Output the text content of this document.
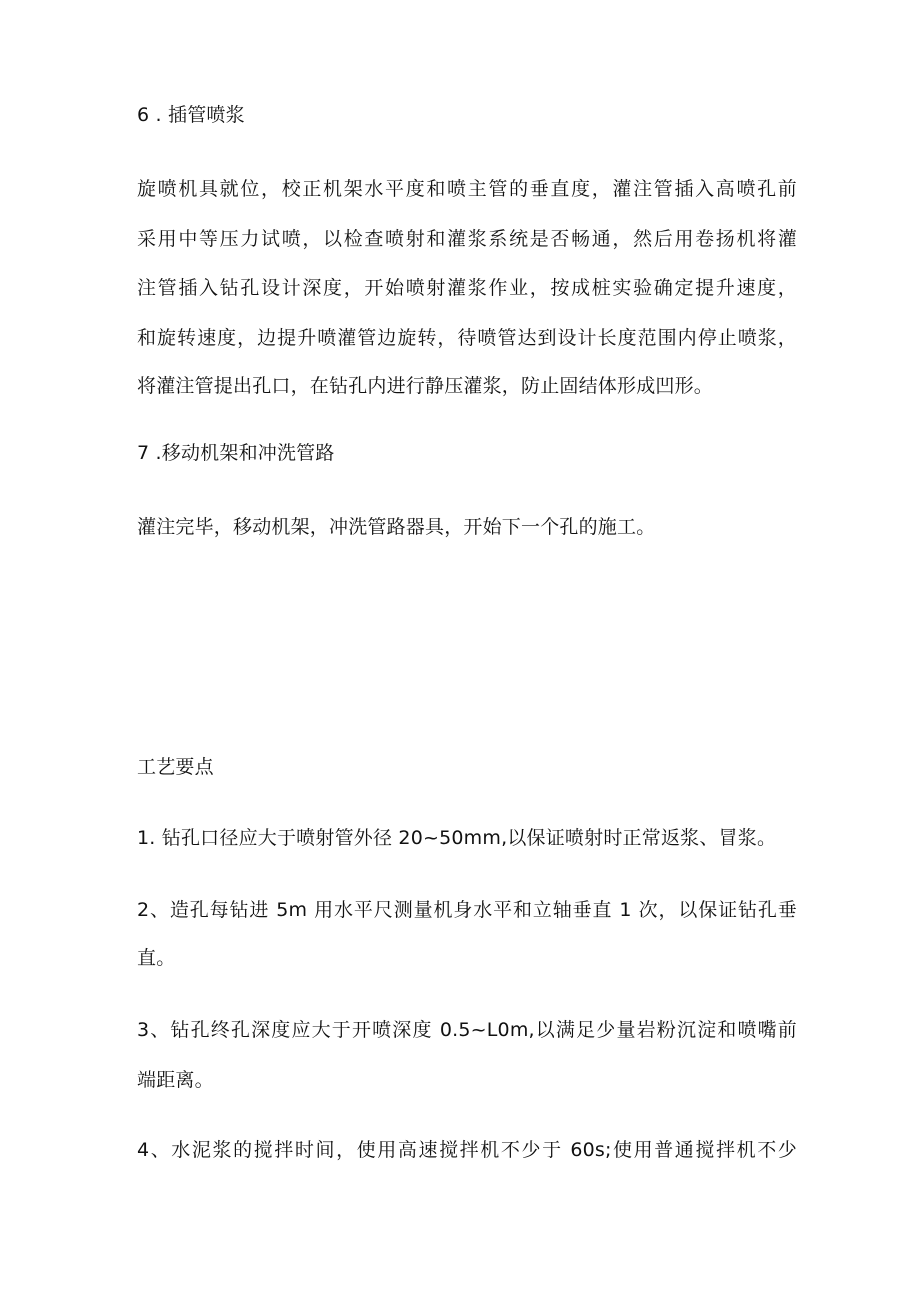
6 . 插管喷浆
旋喷机具就位，校正机架水平度和喷主管的垂直度，灌注管插入高喷孔前
采用中等压力试喷，以检查喷射和灌浆系统是否畅通，然后用卷扬机将灌
注管插入钻孔设计深度，开始喷射灌浆作业，按成桩实验确定提升速度，
和旋转速度，边提升喷灌管边旋转，待喷管达到设计长度范围内停止喷浆，
将灌注管提出孔口，在钻孔内进行静压灌浆，防止固结体形成凹形。
7 .移动机架和冲洗管路
灌注完毕，移动机架，冲洗管路器具，开始下一个孔的施工。
工艺要点
1. 钻孔口径应大于喷射管外径 20~50mm,以保证喷射时正常返浆、冒浆。
2、造孔每钻进 5m 用水平尺测量机身水平和立轴垂直 1 次，以保证钻孔垂
直。
3、钻孔终孔深度应大于开喷深度 0.5~L0m,以满足少量岩粉沉淀和喷嘴前
端距离。
4、水泥浆的搅拌时间，使用高速搅拌机不少于 60s;使用普通搅拌机不少
